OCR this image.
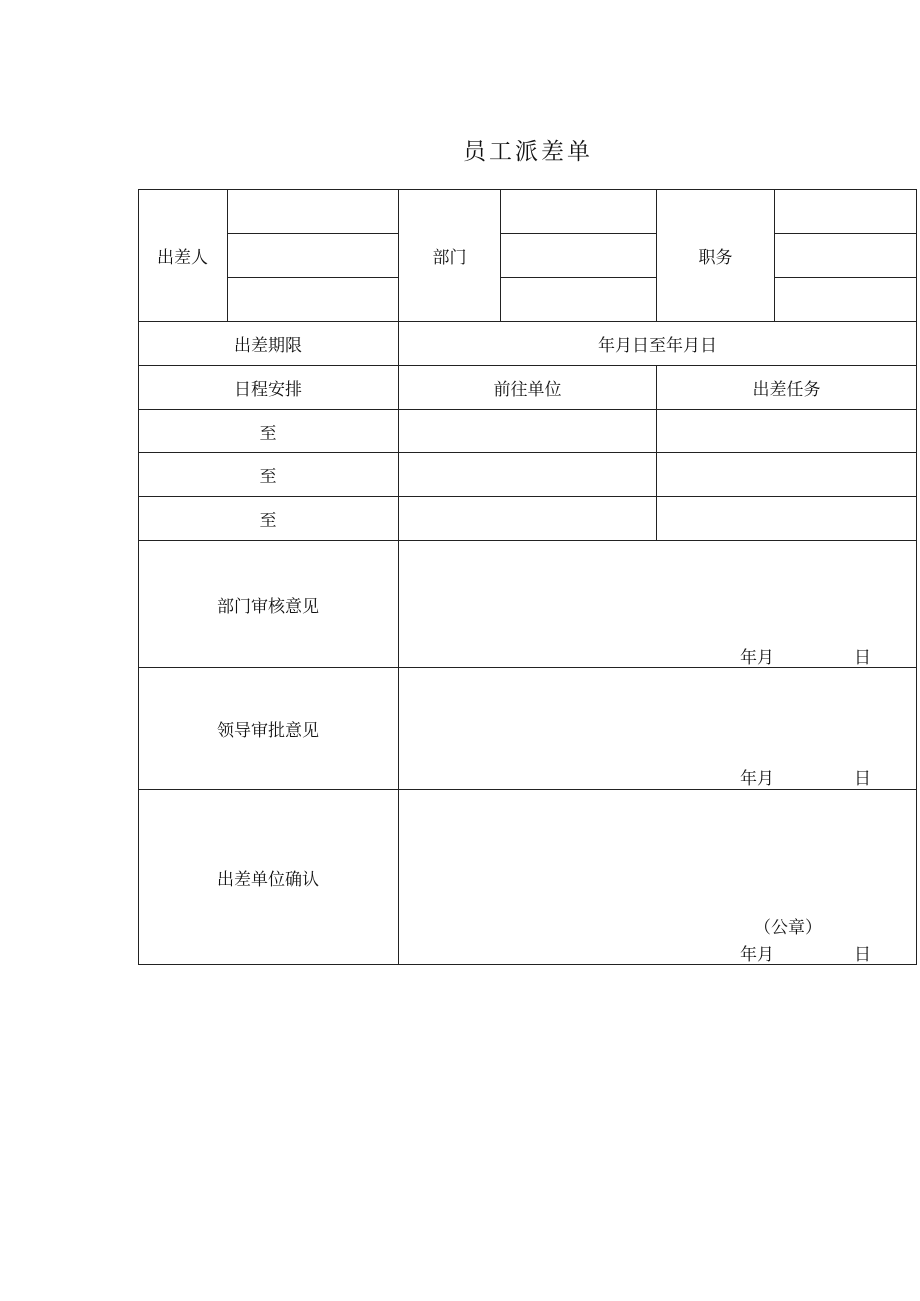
员工派差单
出差人	部门	职务
出差期限	年月日至年月日
日程安排	前往单位	出差任务
至
至
至
部门审核意见
年月	日
领导审批意见
年月	日
出差单位确认
（公章）
年月	日
